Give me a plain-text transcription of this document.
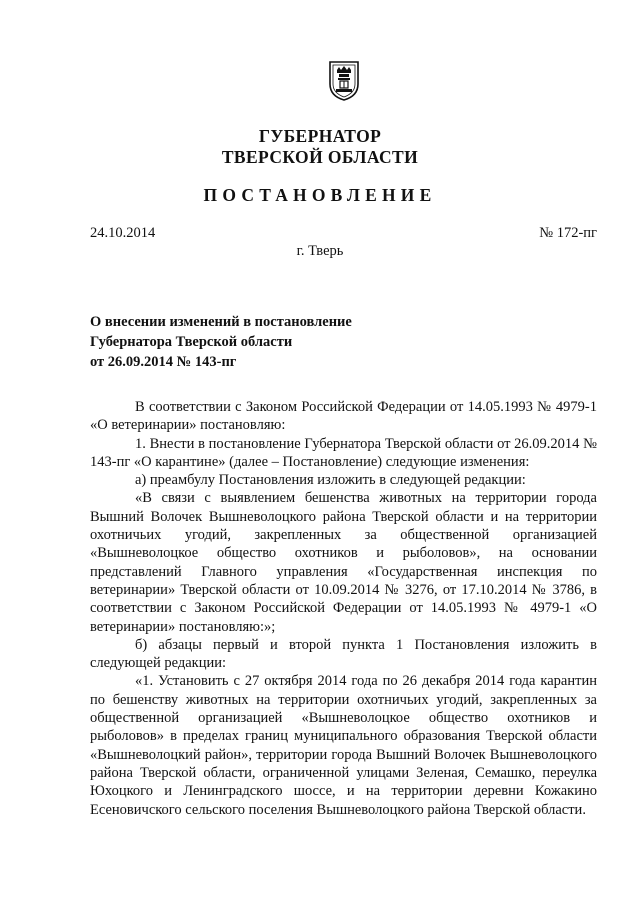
ГУБЕРНАТОР
ТВЕРСКОЙ ОБЛАСТИ
ПОСТАНОВЛЕНИЕ
24.10.2014	№ 172-пг
г. Тверь
О внесении изменений в постановление
Губернатора Тверской области
от 26.09.2014 № 143-пг

В соответствии с Законом Российской Федерации от 14.05.1993 № 4979-1 «О ветеринарии» постановляю:

1. Внести в постановление Губернатора Тверской области от 26.09.2014 № 143-пг «О карантине» (далее – Постановление) следующие изменения:

а) преамбулу Постановления изложить в следующей редакции:

«В связи с выявлением бешенства животных на территории города Вышний Волочек Вышневолоцкого района Тверской области и на территории охотничьих угодий, закрепленных за общественной организацией «Вышневолоцкое общество охотников и рыболовов», на основании представлений Главного управления «Государственная инспекция по ветеринарии» Тверской области от 10.09.2014 № 3276, от 17.10.2014 № 3786, в соответствии с Законом Российской Федерации от 14.05.1993 № 4979-1 «О ветеринарии» постановляю:»;

б) абзацы первый и второй пункта 1 Постановления изложить в следующей редакции:

«1. Установить с 27 октября 2014 года по 26 декабря 2014 года карантин по бешенству животных на территории охотничьих угодий, закрепленных за общественной организацией «Вышневолоцкое общество охотников и рыболовов» в пределах границ муниципального образования Тверской области «Вышневолоцкий район», территории города Вышний Волочек Вышневолоцкого района Тверской области, ограниченной улицами Зеленая, Семашко, переулка Юхоцкого и Ленинградского шоссе, и на территории деревни Кожакино Есеновичского сельского поселения Вышневолоцкого района Тверской области.
